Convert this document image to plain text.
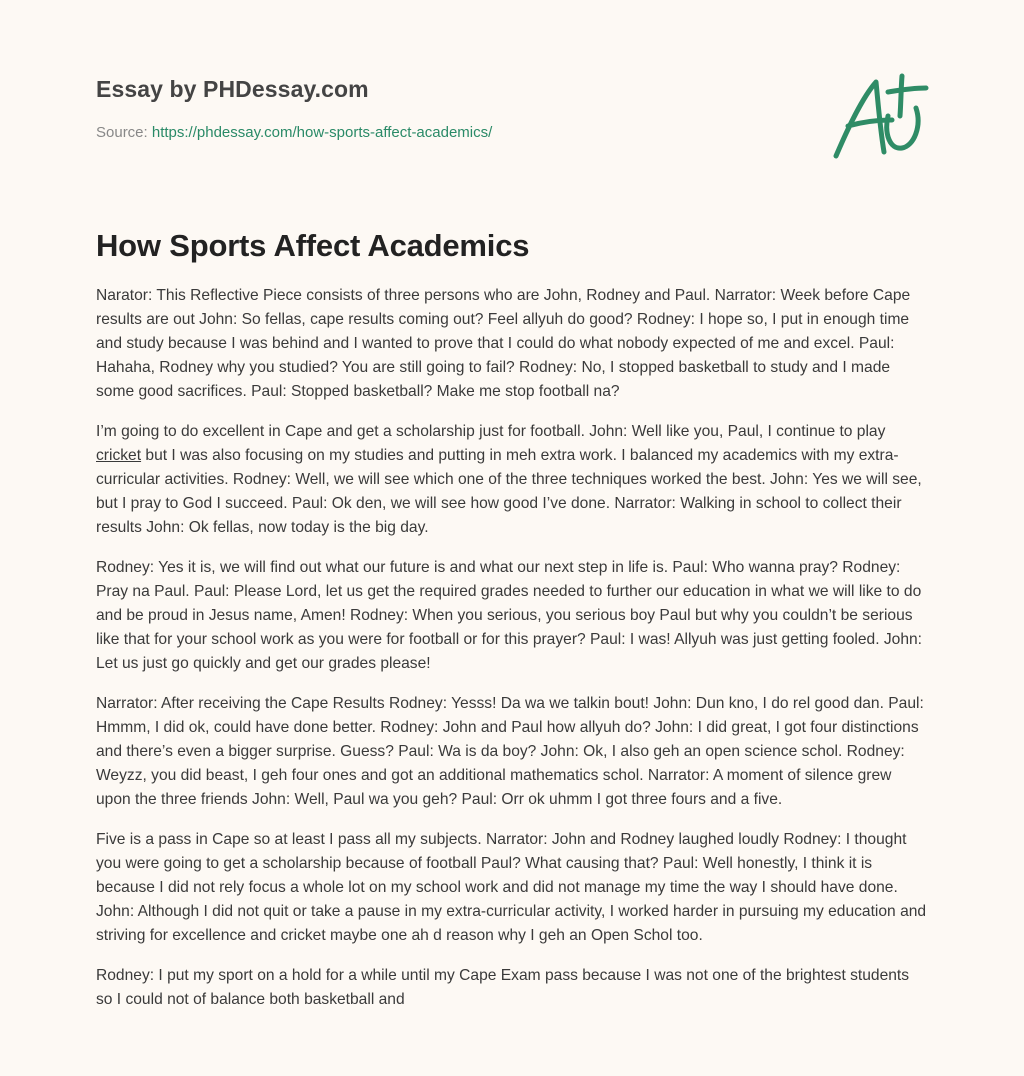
Essay by PHDessay.com
Source: https://phdessay.com/how-sports-affect-academics/
How Sports Affect Academics

Narator: This Reflective Piece consists of three persons who are John, Rodney and Paul. Narrator: Week before Cape results are out John: So fellas, cape results coming out? Feel allyuh do good? Rodney: I hope so, I put in enough time and study because I was behind and I wanted to prove that I could do what nobody expected of me and excel. Paul: Hahaha, Rodney why you studied? You are still going to fail? Rodney: No, I stopped basketball to study and I made some good sacrifices. Paul: Stopped basketball? Make me stop football na?

I’m going to do excellent in Cape and get a scholarship just for football. John: Well like you, Paul, I continue to play cricket but I was also focusing on my studies and putting in meh extra work. I balanced my academics with my extra-curricular activities. Rodney: Well, we will see which one of the three techniques worked the best. John: Yes we will see, but I pray to God I succeed. Paul: Ok den, we will see how good I’ve done. Narrator: Walking in school to collect their results John: Ok fellas, now today is the big day.

Rodney: Yes it is, we will find out what our future is and what our next step in life is. Paul: Who wanna pray? Rodney: Pray na Paul. Paul: Please Lord, let us get the required grades needed to further our education in what we will like to do and be proud in Jesus name, Amen! Rodney: When you serious, you serious boy Paul but why you couldn’t be serious like that for your school work as you were for football or for this prayer? Paul: I was! Allyuh was just getting fooled. John: Let us just go quickly and get our grades please!

Narrator: After receiving the Cape Results Rodney: Yesss! Da wa we talkin bout! John: Dun kno, I do rel good dan. Paul: Hmmm, I did ok, could have done better. Rodney: John and Paul how allyuh do? John: I did great, I got four distinctions and there’s even a bigger surprise. Guess? Paul: Wa is da boy? John: Ok, I also geh an open science schol. Rodney: Weyzz, you did beast, I geh four ones and got an additional mathematics schol. Narrator: A moment of silence grew upon the three friends John: Well, Paul wa you geh? Paul: Orr ok uhmm I got three fours and a five.

Five is a pass in Cape so at least I pass all my subjects. Narrator: John and Rodney laughed loudly Rodney: I thought you were going to get a scholarship because of football Paul? What causing that? Paul: Well honestly, I think it is because I did not rely focus a whole lot on my school work and did not manage my time the way I should have done. John: Although I did not quit or take a pause in my extra-curricular activity, I worked harder in pursuing my education and striving for excellence and cricket maybe one ah d reason why I geh an Open Schol too.

Rodney: I put my sport on a hold for a while until my Cape Exam pass because I was not one of the brightest students so I could not of balance both basketball and
